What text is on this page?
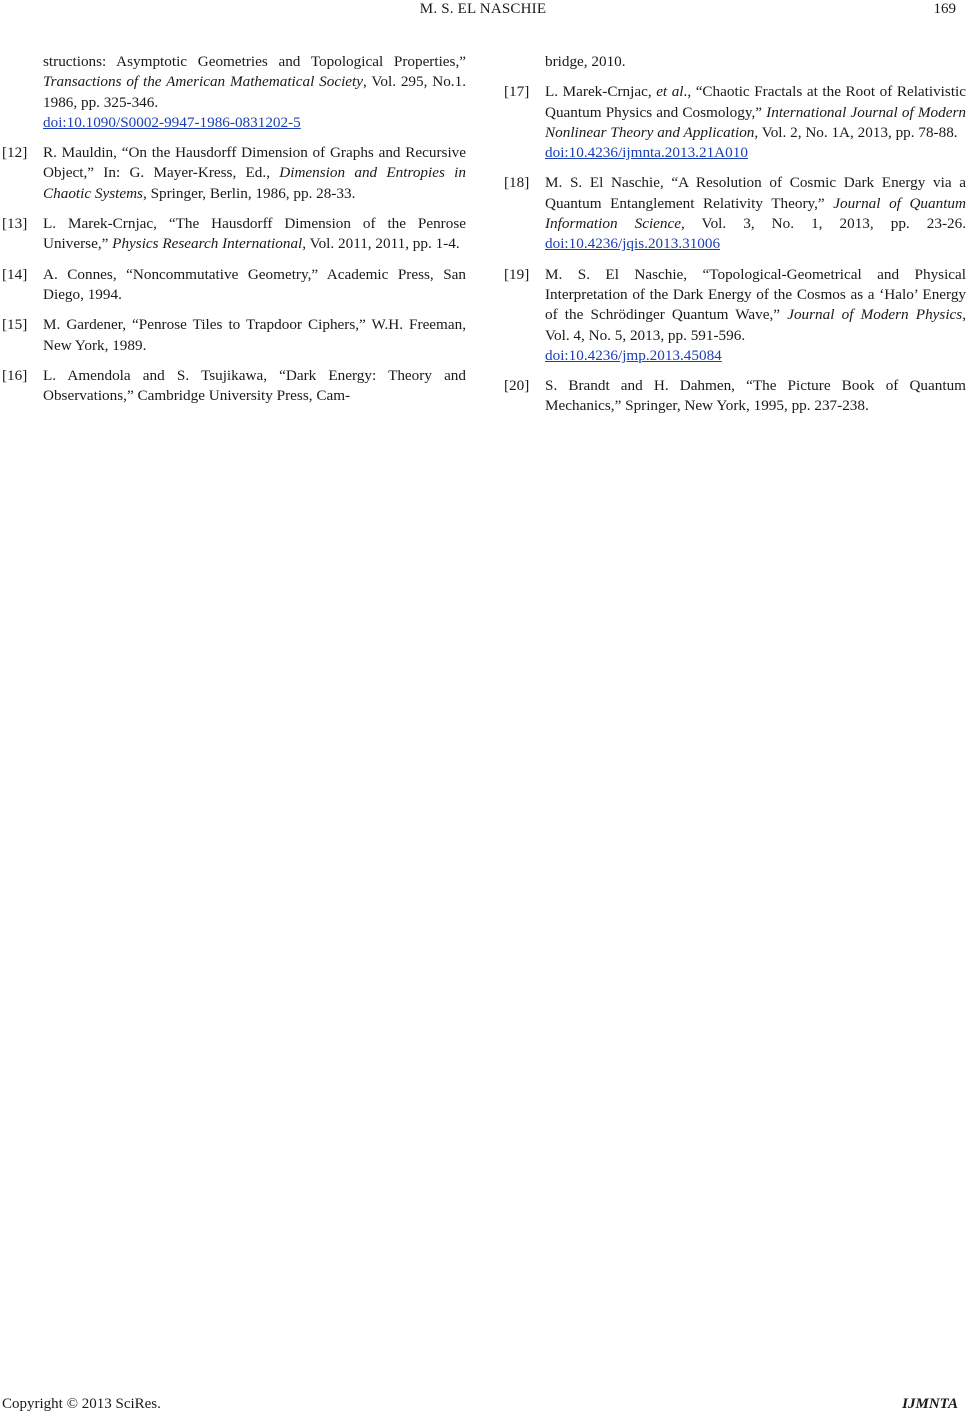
M. S. EL NASCHIE	169
structions: Asymptotic Geometries and Topological Properties,” Transactions of the American Mathematical Society, Vol. 295, No.1. 1986, pp. 325-346.
doi:10.1090/S0002-9947-1986-0831202-5
[12] R. Mauldin, “On the Hausdorff Dimension of Graphs and Recursive Object,” In: G. Mayer-Kress, Ed., Dimension and Entropies in Chaotic Systems, Springer, Berlin, 1986, pp. 28-33.
[13] L. Marek-Crnjac, “The Hausdorff Dimension of the Penrose Universe,” Physics Research International, Vol. 2011, 2011, pp. 1-4.
[14] A. Connes, “Noncommutative Geometry,” Academic Press, San Diego, 1994.
[15] M. Gardener, “Penrose Tiles to Trapdoor Ciphers,” W.H. Freeman, New York, 1989.
[16] L. Amendola and S. Tsujikawa, “Dark Energy: Theory and Observations,” Cambridge University Press, Cam-
bridge, 2010.
[17] L. Marek-Crnjac, et al., “Chaotic Fractals at the Root of Relativistic Quantum Physics and Cosmology,” International Journal of Modern Nonlinear Theory and Application, Vol. 2, No. 1A, 2013, pp. 78-88.
doi:10.4236/ijmnta.2013.21A010
[18] M. S. El Naschie, “A Resolution of Cosmic Dark Energy via a Quantum Entanglement Relativity Theory,” Journal of Quantum Information Science, Vol. 3, No. 1, 2013, pp. 23-26. doi:10.4236/jqis.2013.31006
[19] M. S. El Naschie, “Topological-Geometrical and Physical Interpretation of the Dark Energy of the Cosmos as a ‘Halo’ Energy of the Schrödinger Quantum Wave,” Journal of Modern Physics, Vol. 4, No. 5, 2013, pp. 591-596.
doi:10.4236/jmp.2013.45084
[20] S. Brandt and H. Dahmen, “The Picture Book of Quantum Mechanics,” Springer, New York, 1995, pp. 237-238.
Copyright © 2013 SciRes.	IJMNTA
